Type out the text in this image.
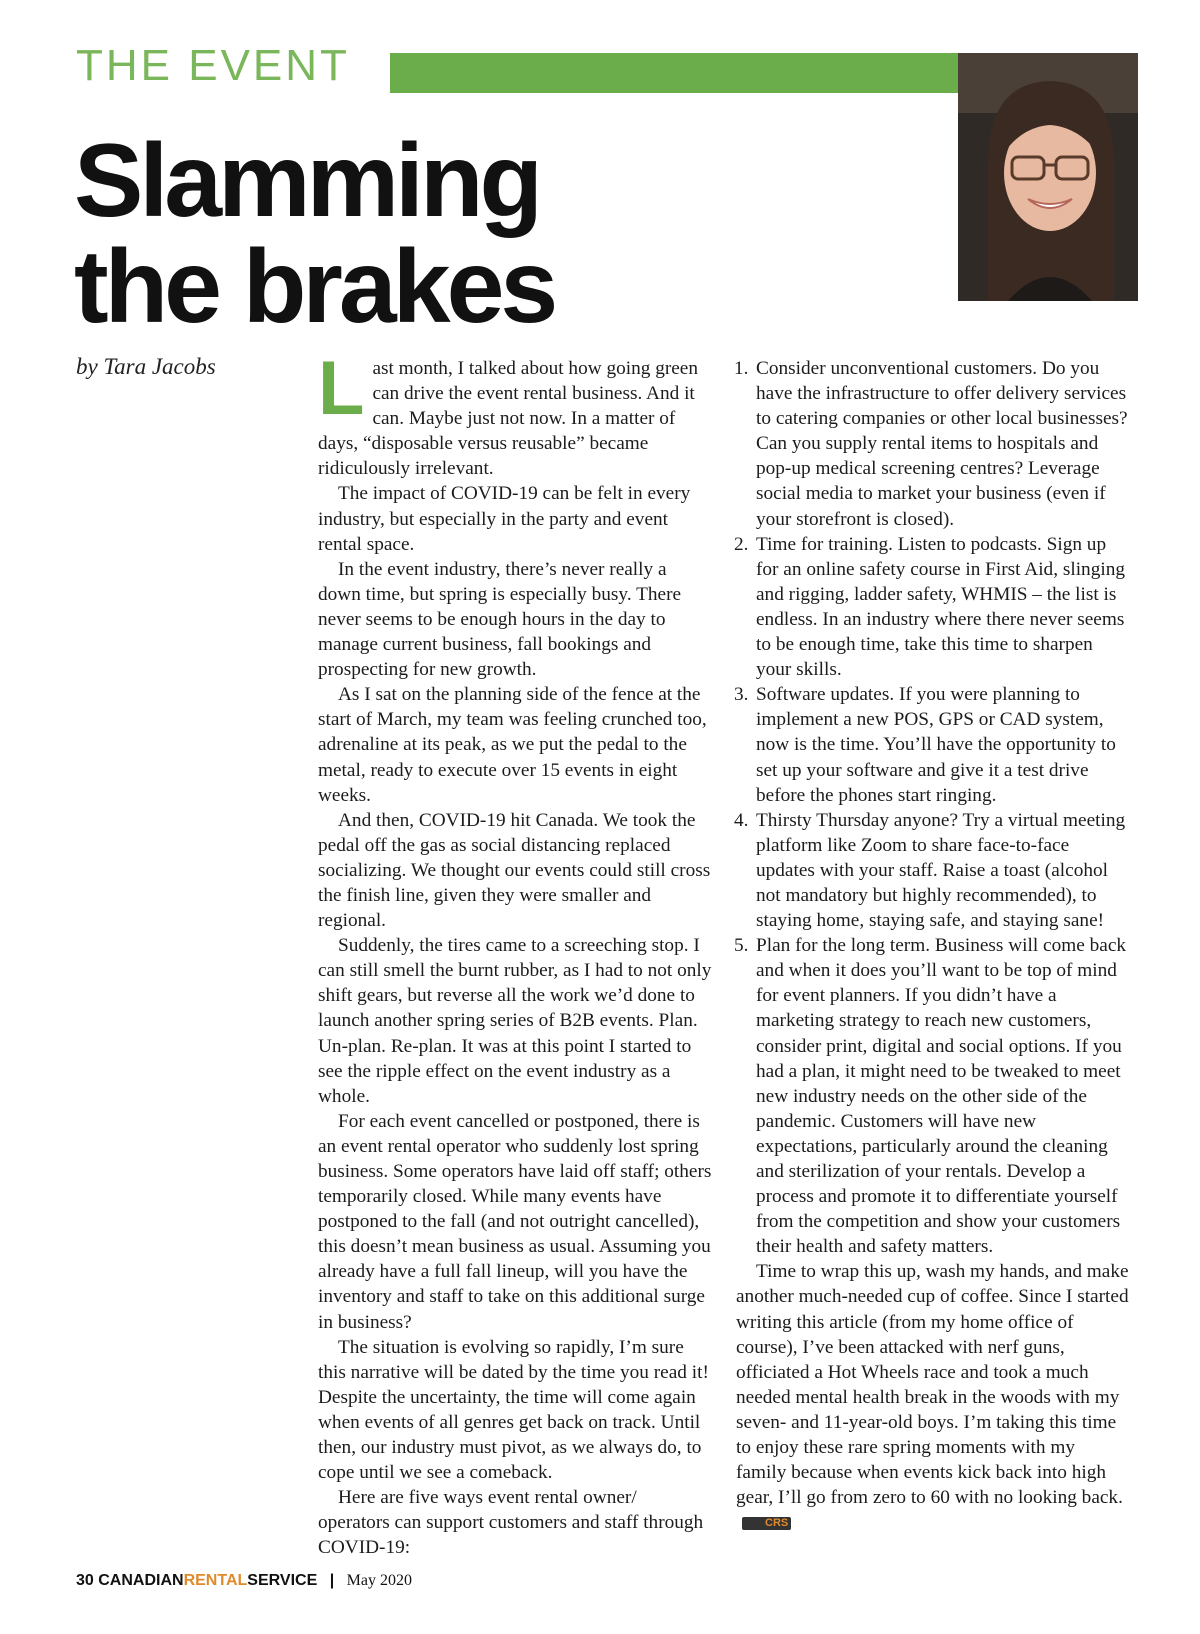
THE EVENT
Slamming
the brakes
by Tara Jacobs Last month, I talked about how going green can drive the event rental business. And it can. Maybe just not now. In a matter of days, “disposable versus reusable” became ridiculously irrelevant.

The impact of COVID-19 can be felt in every industry, but especially in the party and event rental space.

In the event industry, there’s never really a down time, but spring is especially busy. There never seems to be enough hours in the day to manage current business, fall bookings and prospecting for new growth.

As I sat on the planning side of the fence at the start of March, my team was feeling crunched too, adrenaline at its peak, as we put the pedal to the metal, ready to execute over 15 events in eight weeks.

And then, COVID-19 hit Canada. We took the pedal off the gas as social distancing replaced socializing. We thought our events could still cross the finish line, given they were smaller and regional.

Suddenly, the tires came to a screeching stop. I can still smell the burnt rubber, as I had to not only shift gears, but reverse all the work we’d done to launch another spring series of B2B events. Plan. Un-plan. Re-plan. It was at this point I started to see the ripple effect on the event industry as a whole.

For each event cancelled or postponed, there is an event rental operator who suddenly lost spring business. Some operators have laid off staff; others temporarily closed. While many events have postponed to the fall (and not outright cancelled), this doesn’t mean business as usual. Assuming you already have a full fall lineup, will you have the inventory and staff to take on this additional surge in business?

The situation is evolving so rapidly, I’m sure this narrative will be dated by the time you read it! Despite the uncertainty, the time will come again when events of all genres get back on track. Until then, our industry must pivot, as we always do, to cope until we see a comeback.

Here are five ways event rental owner/ operators can support customers and staff through COVID-19:

1. Consider unconventional customers. Do you have the infrastructure to offer delivery services to catering companies or other local businesses? Can you supply rental items to hospitals and pop-up medical screening centres? Leverage social media to market your business (even if your storefront is closed).
2. Time for training. Listen to podcasts. Sign up for an online safety course in First Aid, slinging and rigging, ladder safety, WHMIS – the list is endless. In an industry where there never seems to be enough time, take this time to sharpen your skills.
3. Software updates. If you were planning to implement a new POS, GPS or CAD system, now is the time. You’ll have the opportunity to set up your software and give it a test drive before the phones start ringing.
4. Thirsty Thursday anyone? Try a virtual meeting platform like Zoom to share face-to-face updates with your staff. Raise a toast (alcohol not mandatory but highly recommended), to staying home, staying safe, and staying sane!
5. Plan for the long term. Business will come back and when it does you’ll want to be top of mind for event planners. If you didn’t have a marketing strategy to reach new customers, consider print, digital and social options. If you had a plan, it might need to be tweaked to meet new industry needs on the other side of the pandemic. Customers will have new expectations, particularly around the cleaning and sterilization of your rentals. Develop a process and promote it to differentiate yourself from the competition and show your customers their health and safety matters.

Time to wrap this up, wash my hands, and make another much-needed cup of coffee. Since I started writing this article (from my home office of course), I’ve been attacked with nerf guns, officiated a Hot Wheels race and took a much needed mental health break in the woods with my seven- and 11-year-old boys. I’m taking this time to enjoy these rare spring moments with my family because when events kick back into high gear, I’ll go from zero to 60 with no looking back.CRS

30 CANADIANRENTALSERVICE | May 2020
